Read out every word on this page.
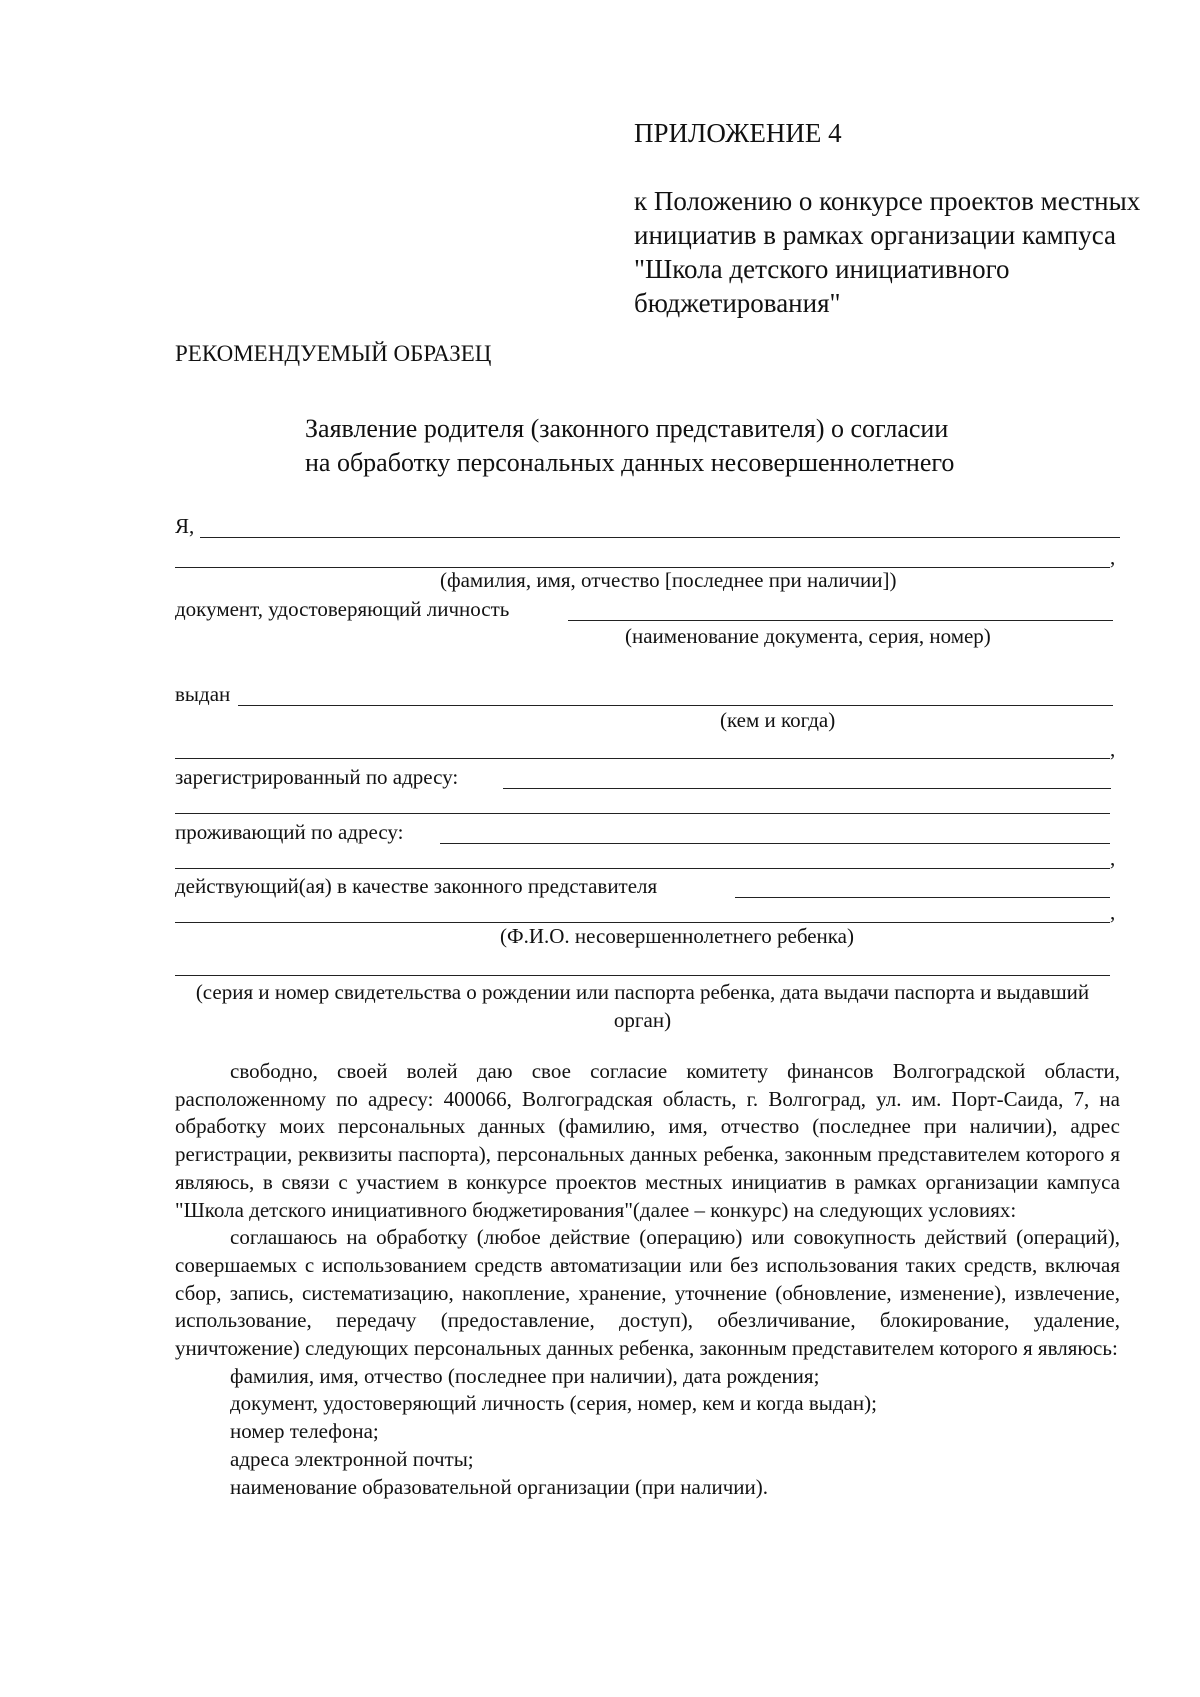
ПРИЛОЖЕНИЕ 4
к Положению о конкурсе проектов местных инициатив в рамках организации кампуса "Школа детского инициативного бюджетирования"
РЕКОМЕНДУЕМЫЙ ОБРАЗЕЦ
Заявление родителя (законного представителя) о согласии
на обработку персональных данных несовершеннолетнего
Я,
,
(фамилия, имя, отчество [последнее при наличии])
документ, удостоверяющий личность
(наименование документа, серия, номер)
выдан
(кем и когда)
,
зарегистрированный по адресу:
проживающий по адресу:
,
действующий(ая) в качестве законного представителя
,
(Ф.И.О. несовершеннолетнего ребенка)
(серия и номер свидетельства о рождении или паспорта ребенка, дата выдачи паспорта и выдавший орган)

свободно, своей волей даю свое согласие комитету финансов Волгоградской области, расположенному по адресу: 400066, Волгоградская область, г. Волгоград, ул. им. Порт-Саида, 7, на обработку моих персональных данных (фамилию, имя, отчество (последнее при наличии), адрес регистрации, реквизиты паспорта), персональных данных ребенка, законным представителем которого я являюсь, в связи с участием в конкурсе проектов местных инициатив в рамках организации кампуса "Школа детского инициативного бюджетирования"(далее – конкурс) на следующих условиях:

соглашаюсь на обработку (любое действие (операцию) или совокупность действий (операций), совершаемых с использованием средств автоматизации или без использования таких средств, включая сбор, запись, систематизацию, накопление, хранение, уточнение (обновление, изменение), извлечение, использование, передачу (предоставление, доступ), обезличивание, блокирование, удаление, уничтожение) следующих персональных данных ребенка, законным представителем которого я являюсь:

фамилия, имя, отчество (последнее при наличии), дата рождения;

документ, удостоверяющий личность (серия, номер, кем и когда выдан);

номер телефона;

адреса электронной почты;

наименование образовательной организации (при наличии).
